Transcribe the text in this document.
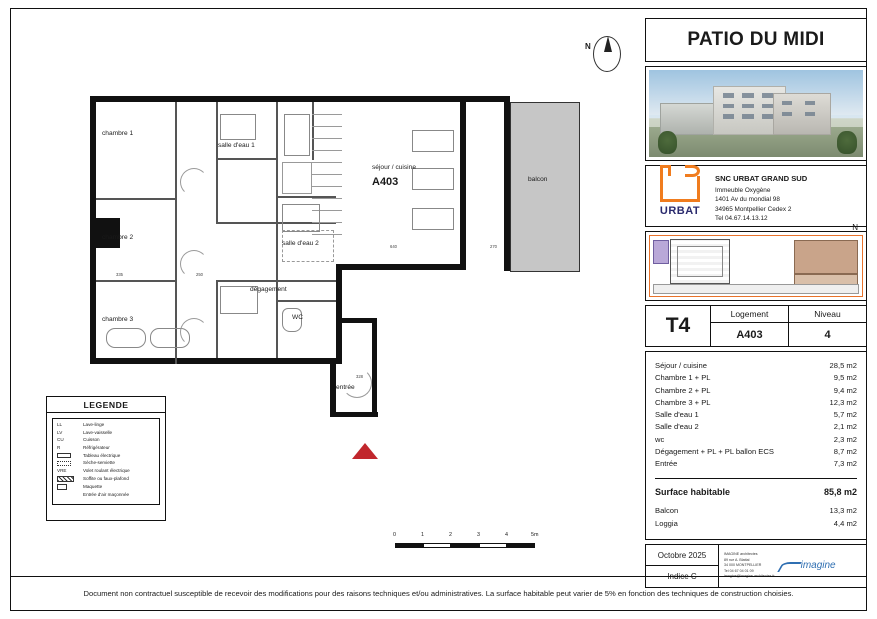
N
335	250
640	270
328
chambre 1
salle d'eau 1
séjour / cuisine
balcon
chambre 2
salle d'eau 2
dégagement
chambre 3	WC
entrée
A403
LEGENDE
LL	Lave-linge
LV	Lave-vaisselle
CU	Cuisson
R	Réfrigérateur
Tableau électrique
Sèche-serviette
VRE	Volet roulant électrique
Soffite ou faux-plafond
Maquette
Entrée d'air maçonnée
0	1	2	3	4	5m
PATIO DU MIDI
URBAT
SNC URBAT GRAND SUD
Immeuble Oxygène
1401 Av du mondial 98
34965 Montpellier Cedex 2
Tel 04.67.14.13.12
N
T4	Logement
A403
Niveau
4
Séjour / cuisine	28,5 m2
Chambre 1 + PL	9,5 m2
Chambre 2 + PL	9,4 m2
Chambre 3 + PL	12,3 m2
Salle d'eau 1	5,7 m2
Salle d'eau 2	2,1 m2
wc	2,3 m2
Dégagement + PL + PL ballon ECS	8,7 m2
Entrée	7,3 m2
Surface habitable	85,8 m2
Balcon	13,3 m2
Loggia	4,4 m2
Octobre 2025
Indice C
IMAGINE architectes
89 rue A. Blattal
34 000 MONTPELLIER
Tel 04 67 04 01 09
imagine@imagine-architectes.fr
imagine
Document non contractuel susceptible de recevoir des modifications pour des raisons techniques et/ou administratives. La surface habitable peut varier de 5% en fonction des techniques de construction choisies.
